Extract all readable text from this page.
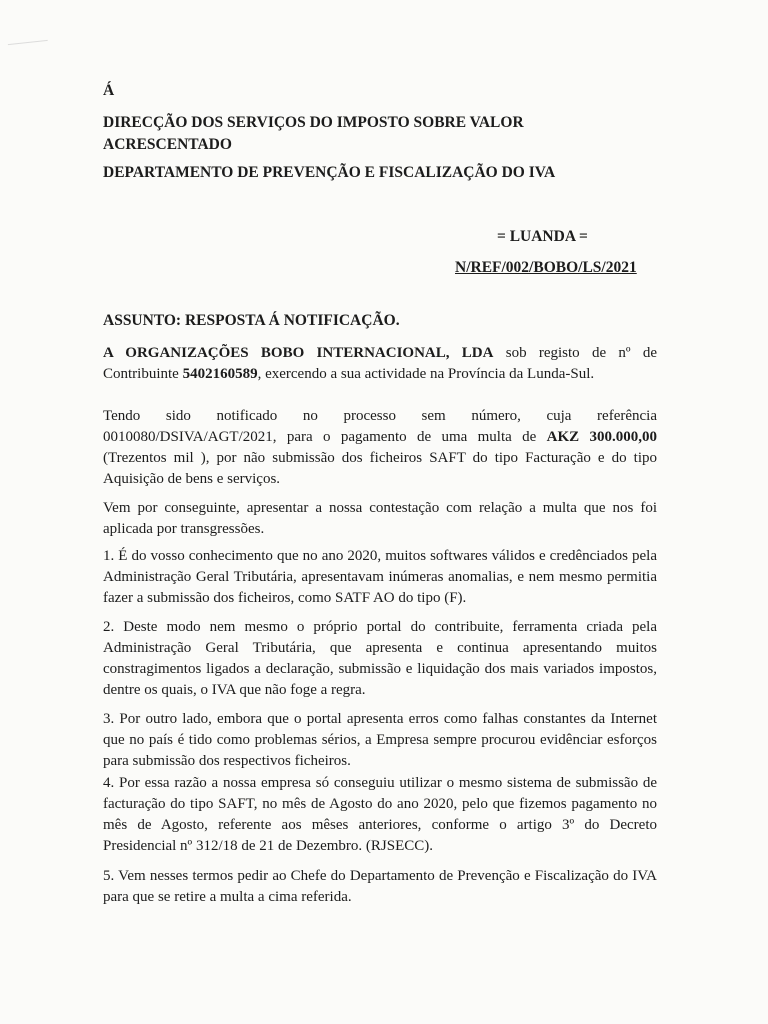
Á

DIRECÇÃO DOS SERVIÇOS DO IMPOSTO SOBRE VALOR
ACRESCENTADO

DEPARTAMENTO DE PREVENÇÃO E FISCALIZAÇÃO DO IVA

= LUANDA =

N/REF/002/BOBO/LS/2021

ASSUNTO: RESPOSTA Á NOTIFICAÇÃO.

A ORGANIZAÇÕES BOBO INTERNACIONAL, LDA sob registo de nº de Contribuinte 5402160589, exercendo a sua actividade na Província da Lunda-Sul.

Tendo sido notificado no processo sem número, cuja referência 0010080/DSIVA/AGT/2021, para o pagamento de uma multa de AKZ 300.000,00 (Trezentos mil ), por não submissão dos ficheiros SAFT do tipo Facturação e do tipo Aquisição de bens e serviços.

Vem por conseguinte, apresentar a nossa contestação com relação a multa que nos foi aplicada por transgressões.

1. É do vosso conhecimento que no ano 2020, muitos softwares válidos e credênciados pela Administração Geral Tributária, apresentavam inúmeras anomalias, e nem mesmo permitia fazer a submissão dos ficheiros, como SATF AO do tipo (F).

2. Deste modo nem mesmo o próprio portal do contribuite, ferramenta criada pela Administração Geral Tributária, que apresenta e continua apresentando muitos constragimentos ligados a declaração, submissão e liquidação dos mais variados impostos, dentre os quais, o IVA que não foge a regra.

3. Por outro lado, embora que o portal apresenta erros como falhas constantes da Internet que no país é tido como problemas sérios, a Empresa sempre procurou evidênciar esforços para submissão dos respectivos ficheiros.

4. Por essa razão a nossa empresa só conseguiu utilizar o mesmo sistema de submissão de facturação do tipo SAFT, no mês de Agosto do ano 2020, pelo que fizemos pagamento no mês de Agosto, referente aos mêses anteriores, conforme o artigo 3º do Decreto Presidencial nº 312/18 de 21 de Dezembro. (RJSECC).

5. Vem nesses termos pedir ao Chefe do Departamento de Prevenção e Fiscalização do IVA para que se retire a multa a cima referida.
